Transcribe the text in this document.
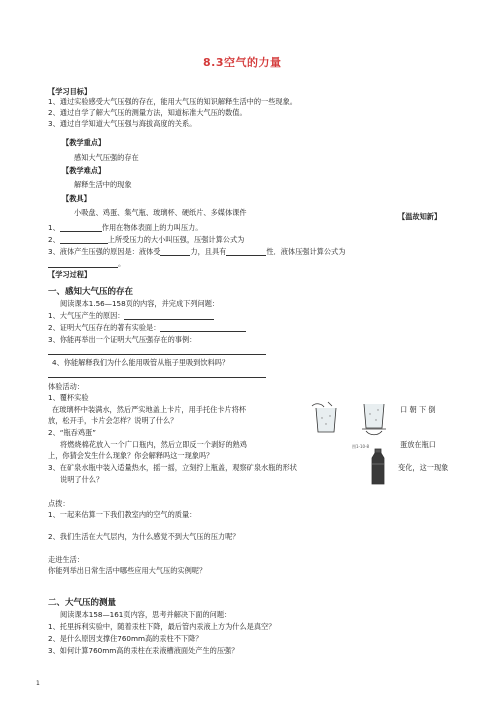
8.3空气的力量
【学习目标】
1、通过实验感受大气压强的存在，能用大气压的知识解释生活中的一些现象。
2、通过自学了解大气压的测量方法，知道标准大气压的数值。
3、通过自学知道大气压强与海拔高度的关系。
【教学重点】
感知大气压强的存在
【教学难点】
解释生活中的现象
【教具】
小吸盘、鸡蛋、集气瓶、玻璃杯、硬纸片、多媒体课件	【温故知新】
1、	作用在物体表面上的力叫压力。
2、	上所受压力的大小叫压强，压强计算公式为
3、液体产生压强的原因是：液体受	力，且具有	性．液体压强计算公式为
。
【学习过程】
一、感知大气压的存在
阅读课本1.56—158页的内容，并完成下列问题：
1、大气压产生的原因：
2、证明大气压存在的著有实验是：
3、你能再举出一个证明大气压强存在的事例：
4、你能解释我们为什么能用吸管从瓶子里吸到饮料吗？
体验活动：
1、覆杯实验
在玻璃杯中装满水，然后严实地盖上卡片，用手托住卡片将杯	口 朝 下 倒
放，松开手，卡片会怎样？说明了什么？
2、“瓶吞鸡蛋”
将燃烧棉花放入一个广口瓶内，然后立即反一个剥好的熟鸡	蛋放在瓶口
上，你猜会发生什么现象？你会解释吗这一现象吗？
3、在矿泉水瓶中装入适量热水，摇一摇，立刻拧上瓶盖，观察矿泉水瓶的形状	变化，这一现象
说明了什么？
图1-10-8
点拨：
1、一起来估算一下我们教室内的空气的质量：
2、我们生活在大气层内，为什么感觉不到大气压的压力呢？
走进生活：
你能列举出日常生活中哪些应用大气压的实例呢？
二、大气压的测量
阅读课本158—161页内容，思考并解决下面的问题：
1、托里拆利实验中，随着汞柱下降，最后管内汞液上方为什么是真空？
2、是什么原因支撑住760mm高的汞柱不下降？
3、如何计算760mm高的汞柱在汞液槽液面处产生的压强？
1
